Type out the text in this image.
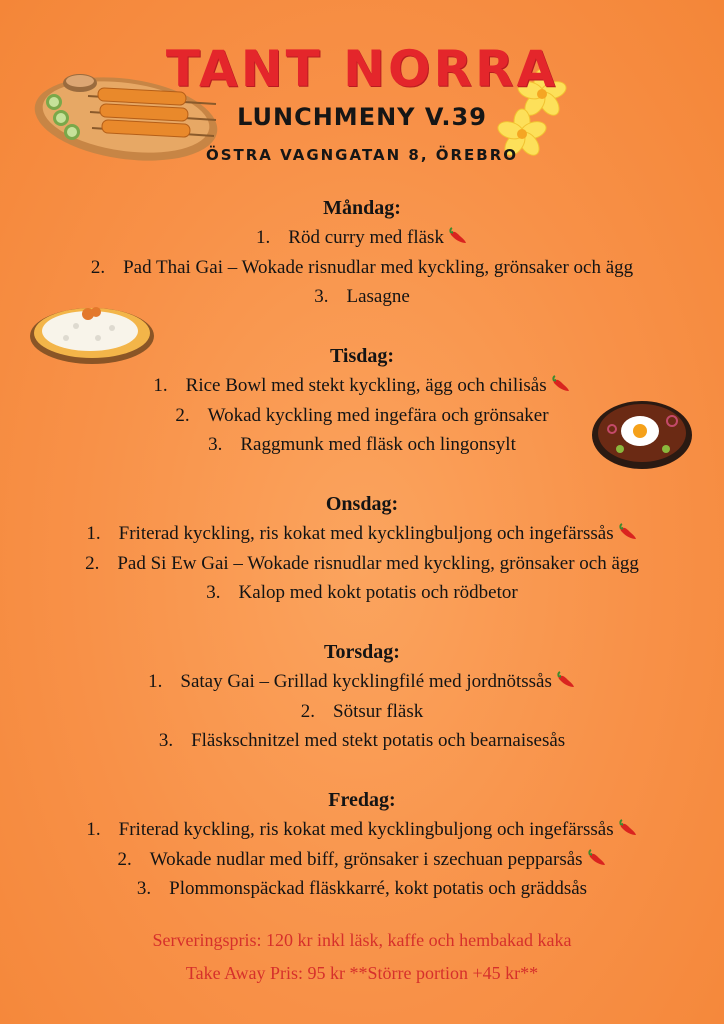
TANT NORRA
LUNCHMENY V.39
ÖSTRA VAGNGATAN 8, ÖREBRO
Måndag:
1. Röd curry med fläsk
2. Pad Thai Gai – Wokade risnudlar med kyckling, grönsaker och ägg
3. Lasagne
Tisdag:
1. Rice Bowl med stekt kyckling, ägg och chilisås
2. Wokad kyckling med ingefära och grönsaker
3. Raggmunk med fläsk och lingonsylt
Onsdag:
1. Friterad kyckling, ris kokat med kycklingbuljong och ingefärssås
2. Pad Si Ew Gai – Wokade risnudlar med kyckling, grönsaker och ägg
3. Kalop med kokt potatis och rödbetor
Torsdag:
1. Satay Gai – Grillad kycklingfilé med jordnötssås
2. Sötsur fläsk
3. Fläskschnitzel med stekt potatis och bearnaisesås
Fredag:
1. Friterad kyckling, ris kokat med kycklingbuljong och ingefärssås
2. Wokade nudlar med biff, grönsaker i szechuan pepparsås
3. Plommonspäckad fläskkarré, kokt potatis och gräddsås
Serveringspris: 120 kr inkl läsk, kaffe och hembakad kaka
Take Away Pris: 95 kr **Större portion +45 kr**
